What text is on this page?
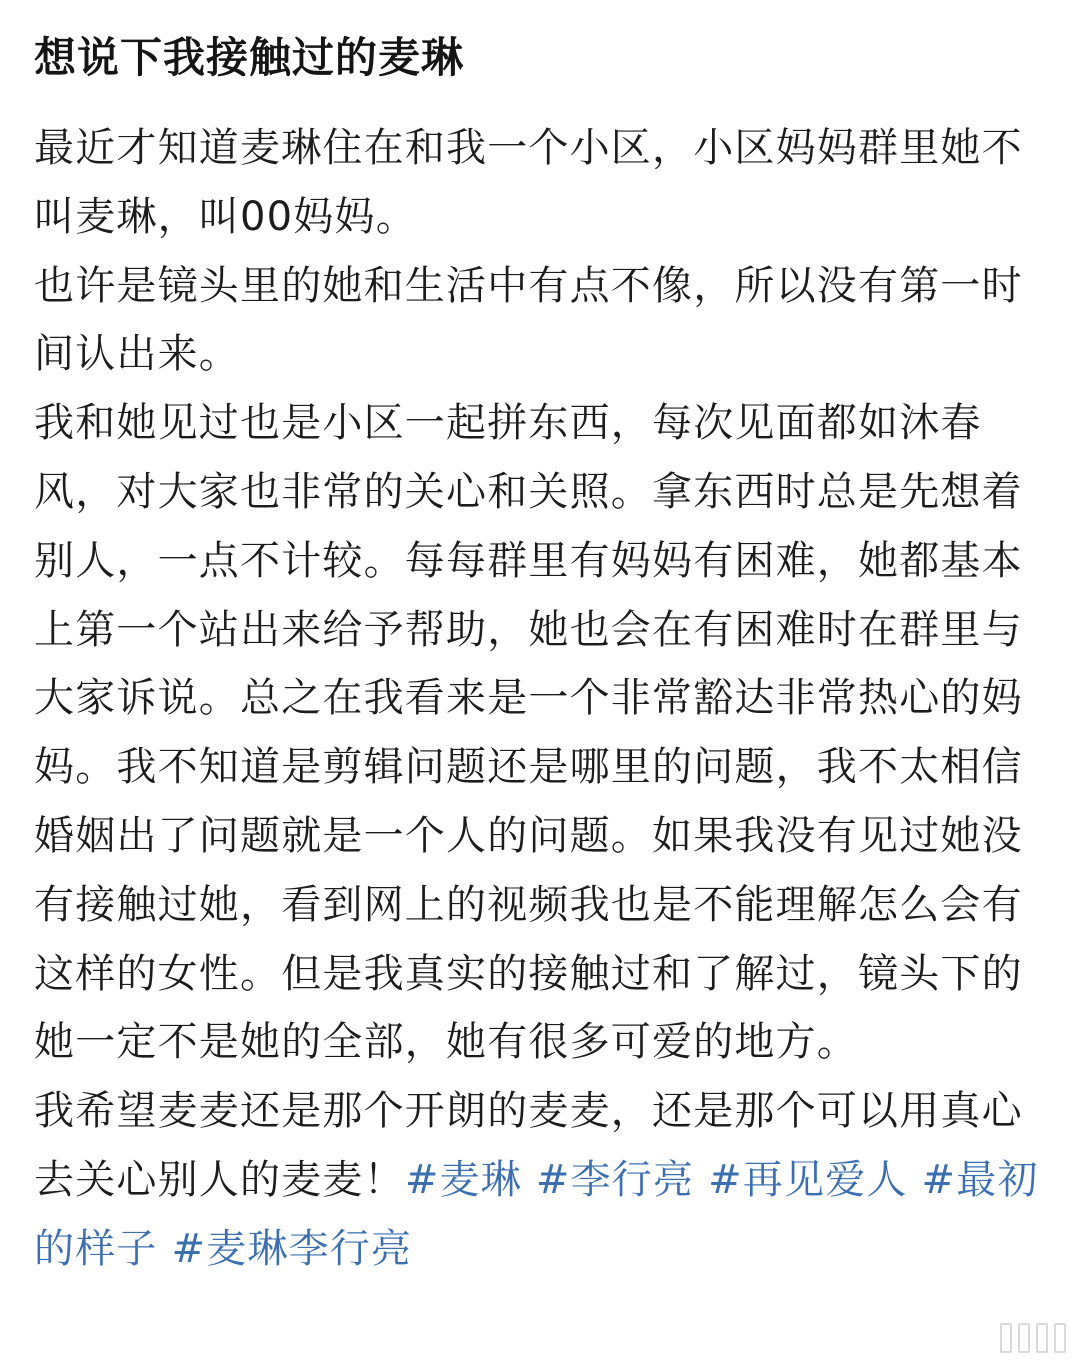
想说下我接触过的麦琳

最近才知道麦琳住在和我一个小区，小区妈妈群里她不叫麦琳，叫00妈妈。

也许是镜头里的她和生活中有点不像，所以没有第一时间认出来。

我和她见过也是小区一起拼东西，每次见面都如沐春风，对大家也非常的关心和关照。拿东西时总是先想着别人，一点不计较。每每群里有妈妈有困难，她都基本上第一个站出来给予帮助，她也会在有困难时在群里与大家诉说。总之在我看来是一个非常豁达非常热心的妈妈。我不知道是剪辑问题还是哪里的问题，我不太相信婚姻出了问题就是一个人的问题。如果我没有见过她没有接触过她，看到网上的视频我也是不能理解怎么会有这样的女性。但是我真实的接触过和了解过，镜头下的她一定不是她的全部，她有很多可爱的地方。

我希望麦麦还是那个开朗的麦麦，还是那个可以用真心去关心别人的麦麦！#麦琳 #李行亮 #再见爱人 #最初的样子 #麦琳李行亮
